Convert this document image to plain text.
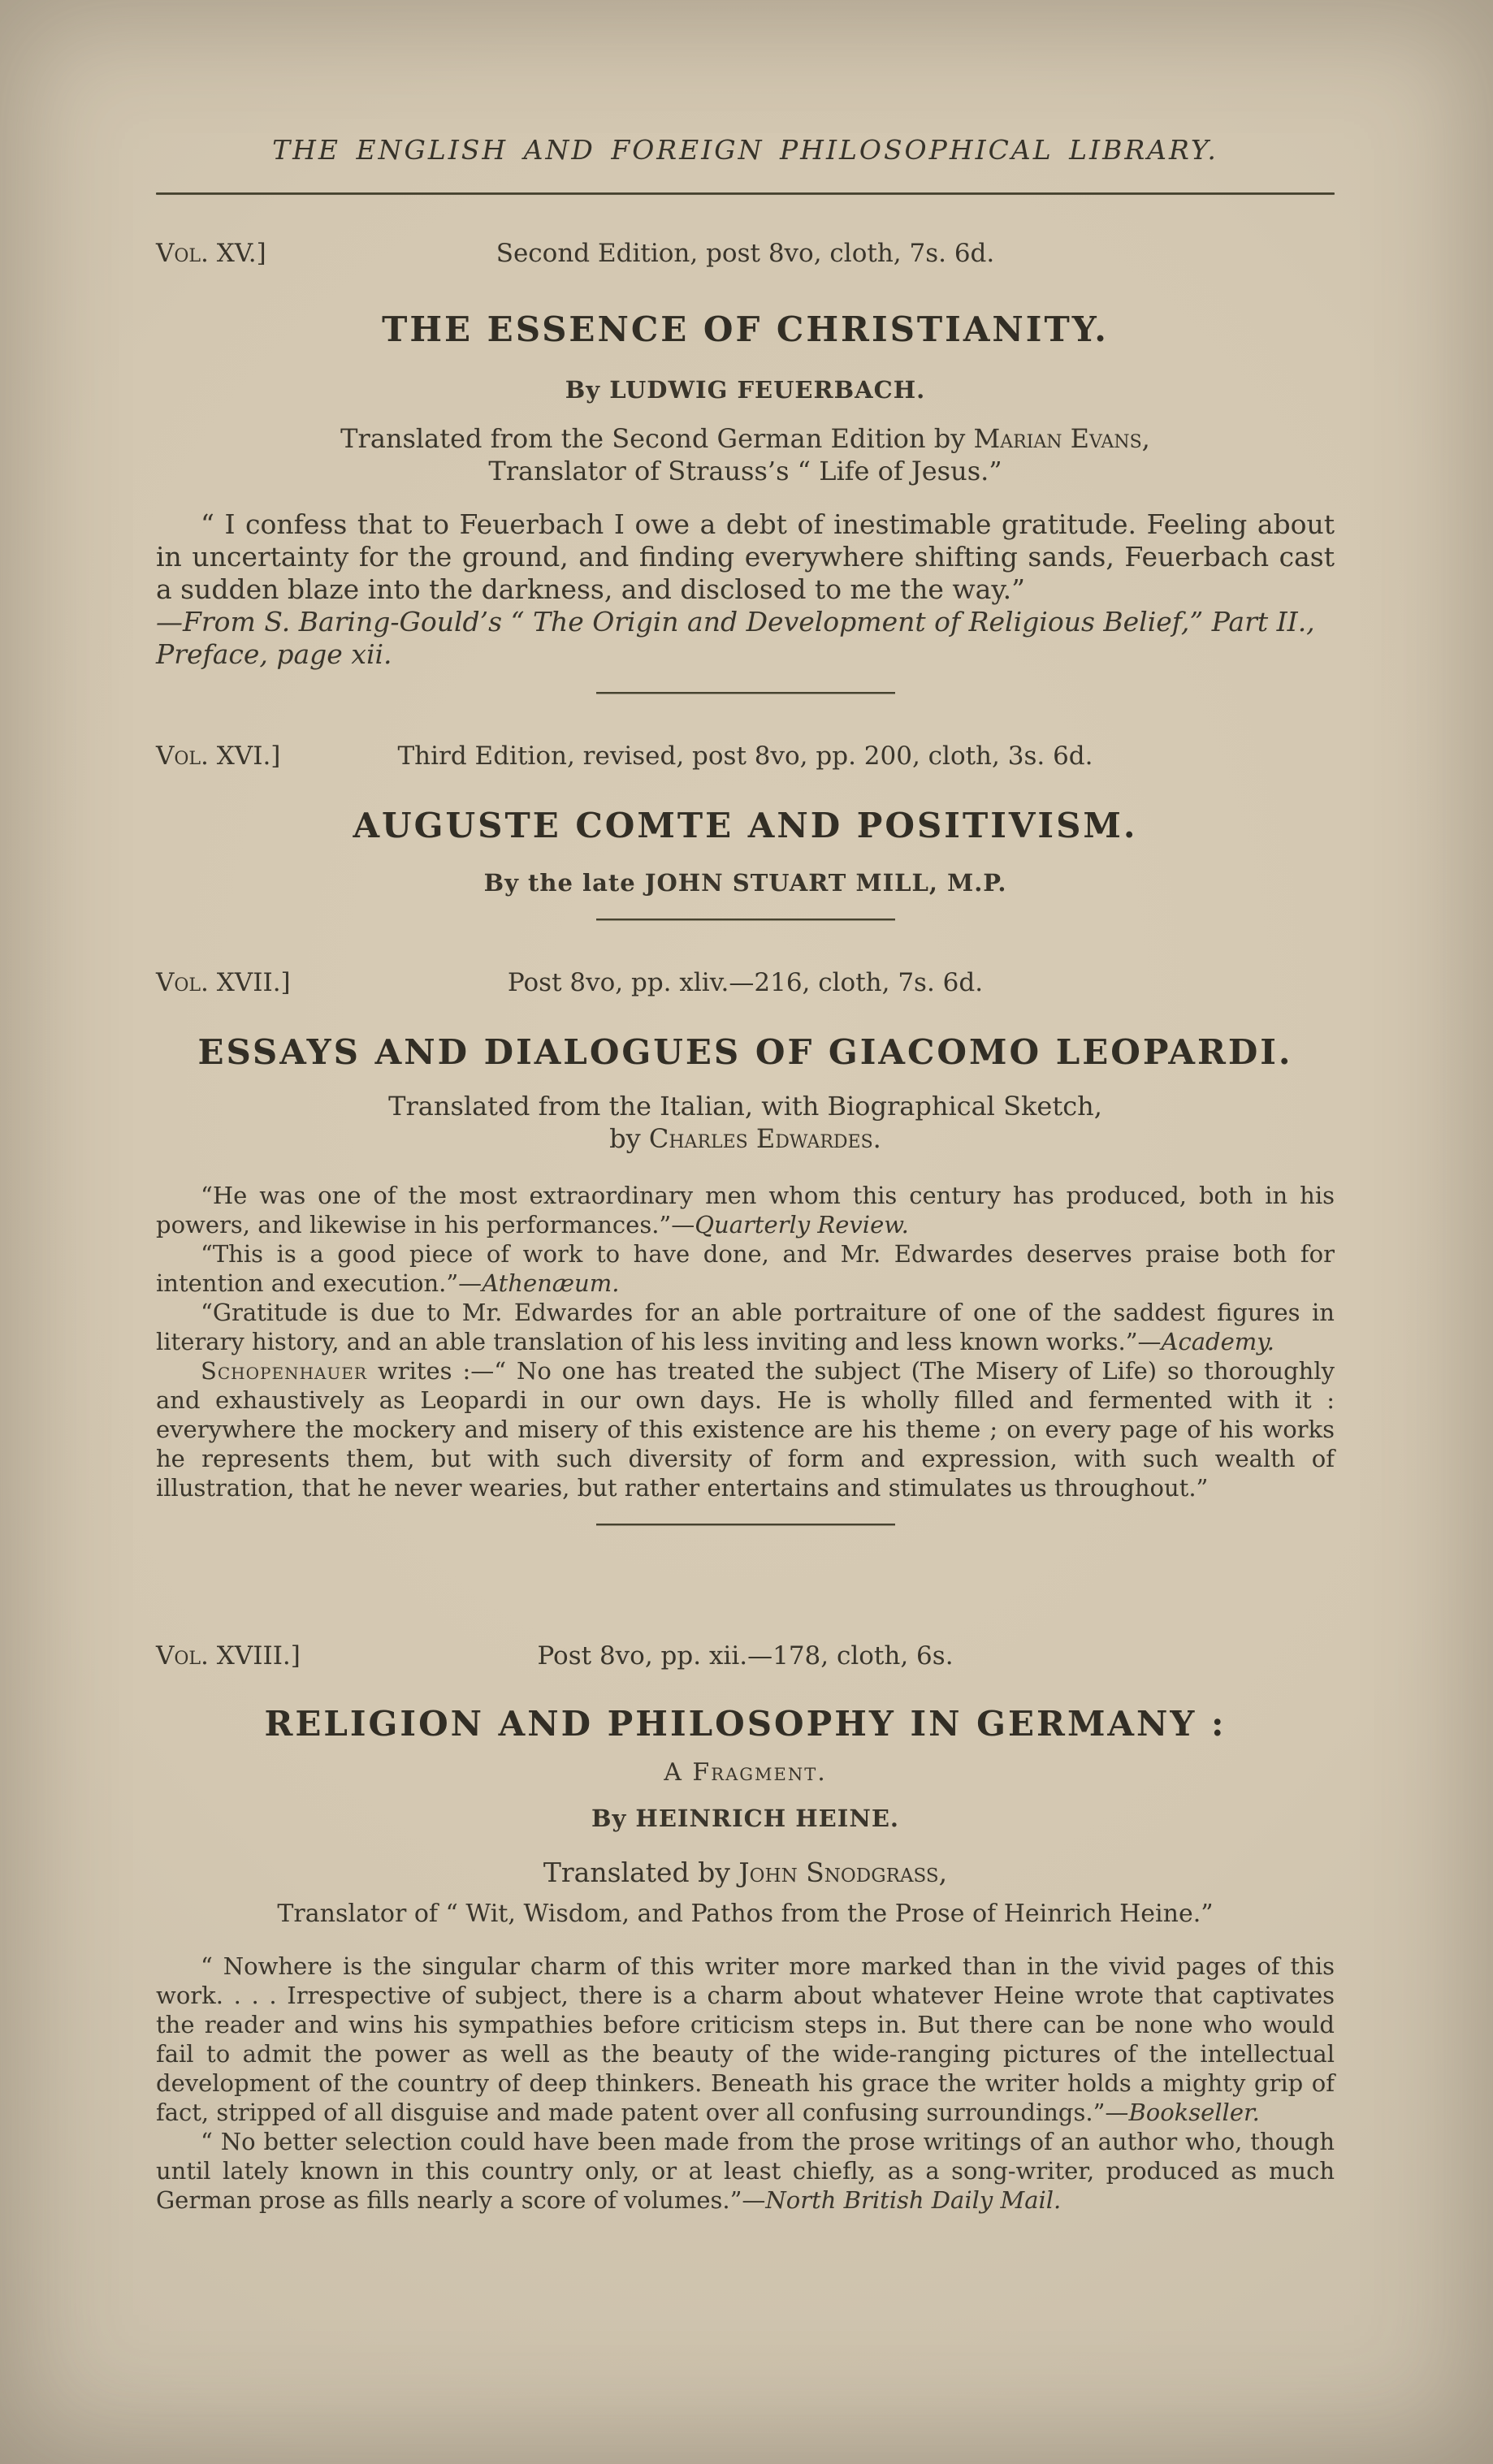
THE ENGLISH AND FOREIGN PHILOSOPHICAL LIBRARY.
Vol. XV.]	Second Edition, post 8vo, cloth, 7s. 6d.
THE ESSENCE OF CHRISTIANITY.
By LUDWIG FEUERBACH.
Translated from the Second German Edition by Marian Evans,
Translator of Strauss’s “ Life of Jesus.”

“ I confess that to Feuerbach I owe a debt of inestimable gratitude. Feeling about in uncertainty for the ground, and finding everywhere shifting sands, Feuerbach cast a sudden blaze into the darkness, and disclosed to me the way.”

—From S. Baring-Gould’s “ The Origin and Development of Religious Belief,” Part II., Preface, page xii.

Vol. XVI.]	Third Edition, revised, post 8vo, pp. 200, cloth, 3s. 6d.
AUGUSTE COMTE AND POSITIVISM.
By the late JOHN STUART MILL, M.P.
Vol. XVII.]	Post 8vo, pp. xliv.—216, cloth, 7s. 6d.
ESSAYS AND DIALOGUES OF GIACOMO LEOPARDI.
Translated from the Italian, with Biographical Sketch,
by Charles Edwardes.

“He was one of the most extraordinary men whom this century has produced, both in his powers, and likewise in his performances.”—Quarterly Review.

“This is a good piece of work to have done, and Mr. Edwardes deserves praise both for intention and execution.”—Athenæum.

“Gratitude is due to Mr. Edwardes for an able portraiture of one of the saddest figures in literary history, and an able translation of his less inviting and less known works.”—Academy.

Schopenhauer writes :—“ No one has treated the subject (The Misery of Life) so thoroughly and exhaustively as Leopardi in our own days. He is wholly filled and fermented with it : everywhere the mockery and misery of this existence are his theme ; on every page of his works he represents them, but with such diversity of form and expression, with such wealth of illustration, that he never wearies, but rather entertains and stimulates us throughout.”

Vol. XVIII.]	Post 8vo, pp. xii.—178, cloth, 6s.
RELIGION AND PHILOSOPHY IN GERMANY :
A Fragment.
By HEINRICH HEINE.
Translated by John Snodgrass,
Translator of “ Wit, Wisdom, and Pathos from the Prose of Heinrich Heine.”

“ Nowhere is the singular charm of this writer more marked than in the vivid pages of this work. . . . Irrespective of subject, there is a charm about whatever Heine wrote that captivates the reader and wins his sympathies before criticism steps in. But there can be none who would fail to admit the power as well as the beauty of the wide-ranging pictures of the intellectual development of the country of deep thinkers. Beneath his grace the writer holds a mighty grip of fact, stripped of all disguise and made patent over all confusing surroundings.”—Bookseller.

“ No better selection could have been made from the prose writings of an author who, though until lately known in this country only, or at least chiefly, as a song-writer, produced as much German prose as fills nearly a score of volumes.”—North British Daily Mail.
